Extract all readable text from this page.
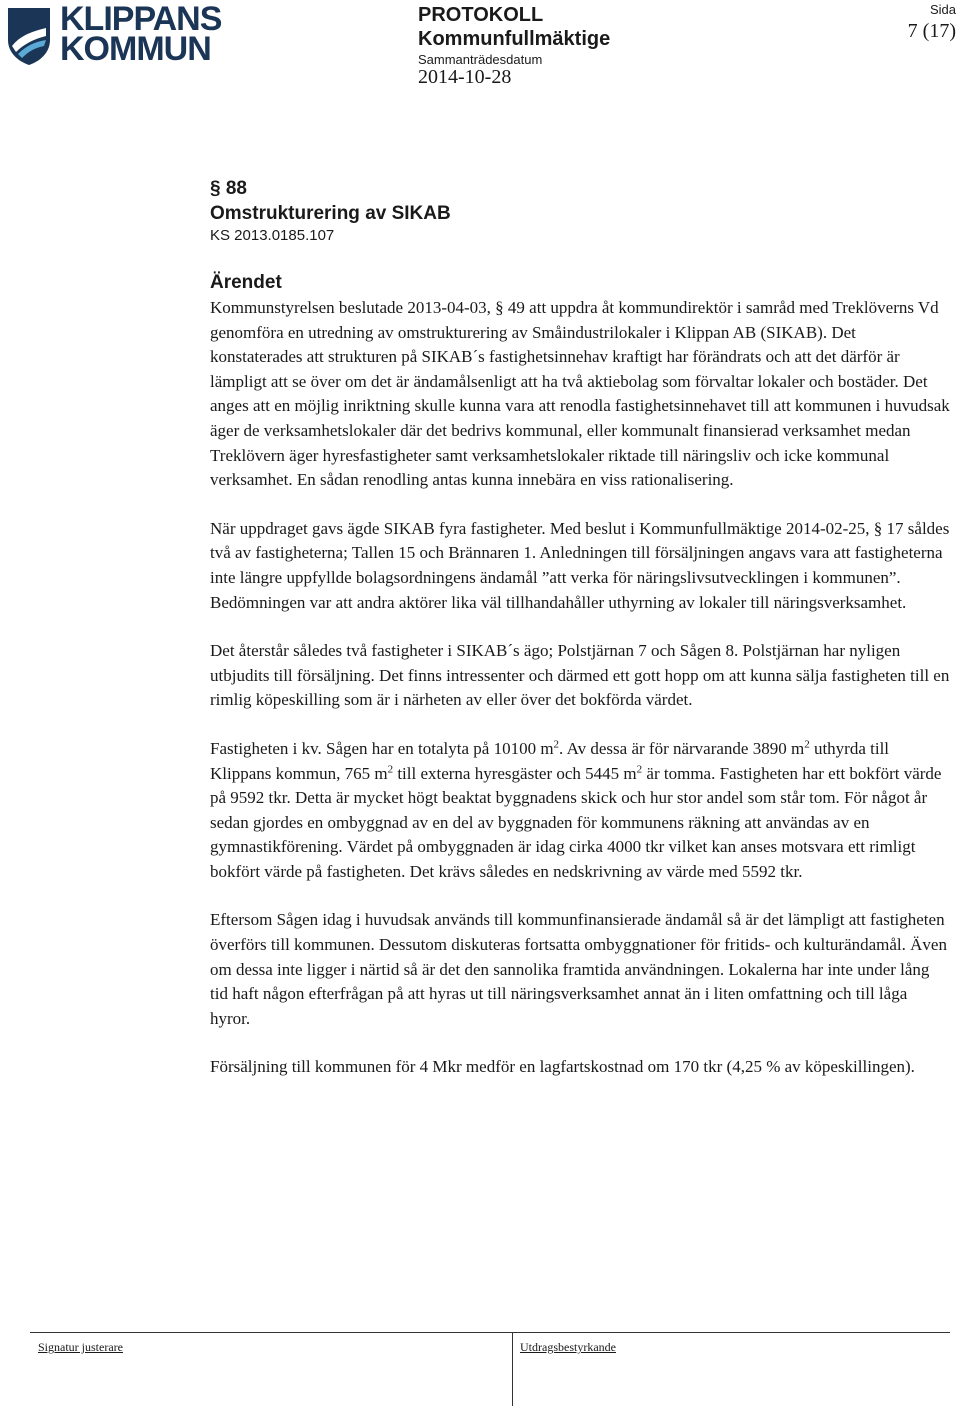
KLIPPANS
KOMMUN
PROTOKOLL
Kommunfullmäktige
Sammanträdesdatum
2014-10-28
Sida
7 (17)
§ 88
Omstrukturering av SIKAB
KS 2013.0185.107
Ärendet

Kommunstyrelsen beslutade 2013-04-03, § 49 att uppdra åt kommundirektör i samråd med Treklöverns Vd genomföra en utredning av omstrukturering av Småindustrilokaler i Klippan AB (SIKAB). Det konstaterades att strukturen på SIKAB´s fastighetsinnehav kraftigt har förändrats och att det därför är lämpligt att se över om det är ändamålsenligt att ha två aktiebolag som förvaltar lokaler och bostäder. Det anges att en möjlig inriktning skulle kunna vara att renodla fastighetsinnehavet till att kommunen i huvudsak äger de verksamhetslokaler där det bedrivs kommunal, eller kommunalt finansierad verksamhet medan Treklövern äger hyresfastigheter samt verksamhetslokaler riktade till näringsliv och icke kommunal verksamhet. En sådan renodling antas kunna innebära en viss rationalisering.

När uppdraget gavs ägde SIKAB fyra fastigheter. Med beslut i Kommunfullmäktige 2014-02-25, § 17 såldes två av fastigheterna; Tallen 15 och Brännaren 1. Anledningen till försäljningen angavs vara att fastigheterna inte längre uppfyllde bolagsordningens ändamål ”att verka för näringslivsutvecklingen i kommunen”. Bedömningen var att andra aktörer lika väl tillhandahåller uthyrning av lokaler till näringsverksamhet.

Det återstår således två fastigheter i SIKAB´s ägo; Polstjärnan 7 och Sågen 8. Polstjärnan har nyligen utbjudits till försäljning. Det finns intressenter och därmed ett gott hopp om att kunna sälja fastigheten till en rimlig köpeskilling som är i närheten av eller över det bokförda värdet.

Fastigheten i kv. Sågen har en totalyta på 10100 $m^2$. Av dessa är för närvarande 3890 $m^2$ uthyrda till Klippans kommun, 765 $m^2$ till externa hyresgäster och 5445 $m^2$ är tomma. Fastigheten har ett bokfört värde på 9592 tkr. Detta är mycket högt beaktat byggnadens skick och hur stor andel som står tom. För något år sedan gjordes en ombyggnad av en del av byggnaden för kommunens räkning att användas av en gymnastikförening. Värdet på ombyggnaden är idag cirka 4000 tkr vilket kan anses motsvara ett rimligt bokfört värde på fastigheten. Det krävs således en nedskrivning av värde med 5592 tkr.

Eftersom Sågen idag i huvudsak används till kommunfinansierade ändamål så är det lämpligt att fastigheten överförs till kommunen. Dessutom diskuteras fortsatta ombyggnationer för fritids- och kulturändamål. Även om dessa inte ligger i närtid så är det den sannolika framtida användningen. Lokalerna har inte under lång tid haft någon efterfrågan på att hyras ut till näringsverksamhet annat än i liten omfattning och till låga hyror.

Försäljning till kommunen för 4 Mkr medför en lagfartskostnad om 170 tkr (4,25 % av köpeskillingen).

Signatur justerare	Utdragsbestyrkande
